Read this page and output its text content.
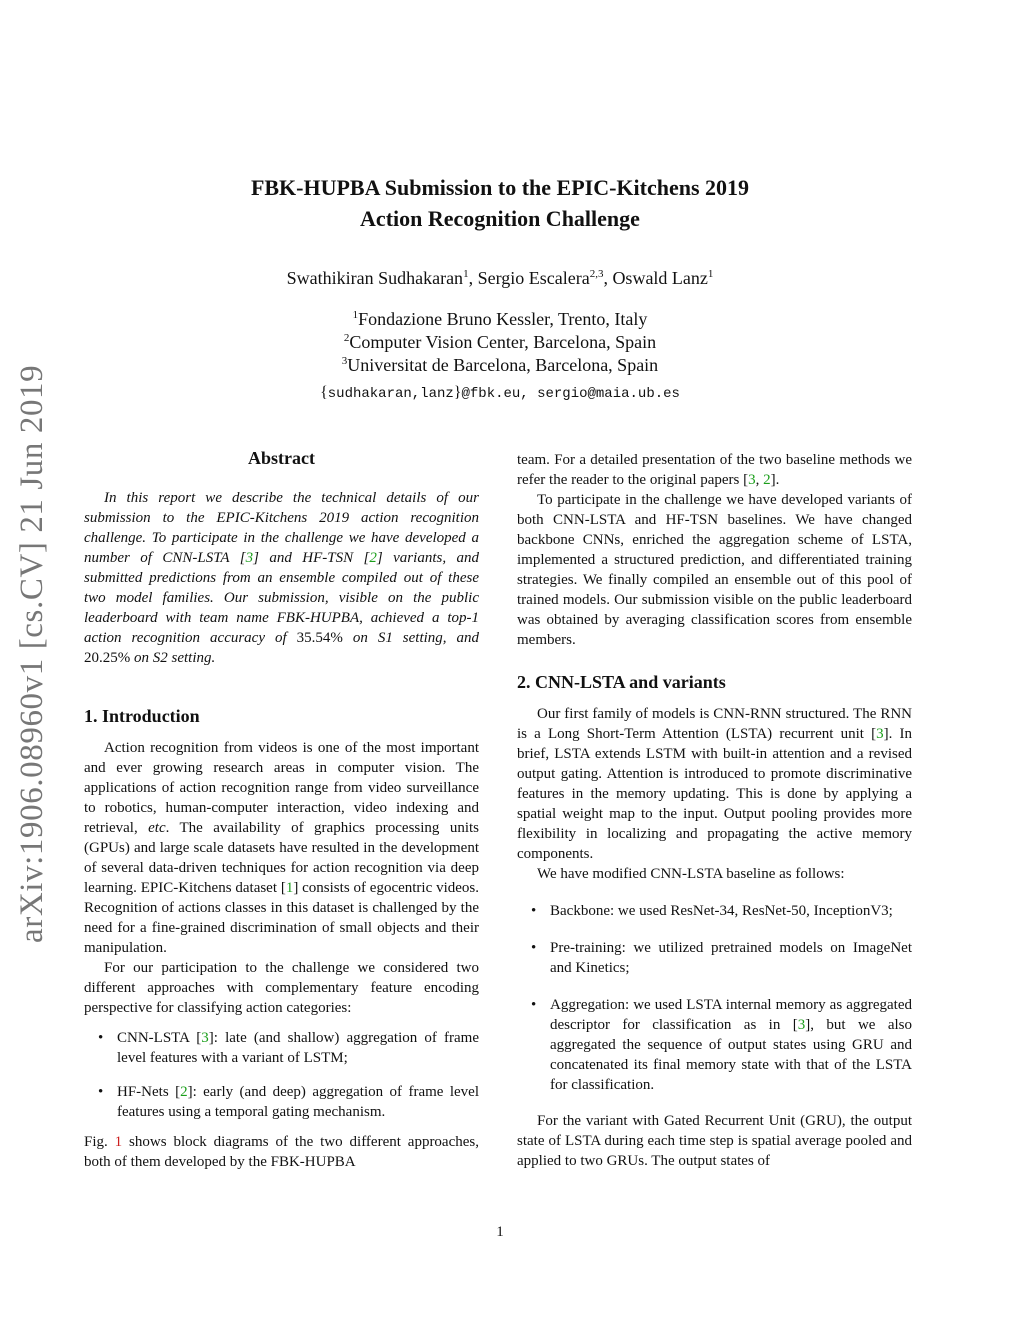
arXiv:1906.08960v1 [cs.CV] 21 Jun 2019
FBK-HUPBA Submission to the EPIC-Kitchens 2019
Action Recognition Challenge
Swathikiran Sudhakaran$^1$, Sergio Escalera$^{2,3}$, Oswald Lanz$^1$
$^1$Fondazione Bruno Kessler, Trento, Italy
$^2$Computer Vision Center, Barcelona, Spain
$^3$Universitat de Barcelona, Barcelona, Spain
{sudhakaran,lanz}@fbk.eu, sergio@maia.ub.es
Abstract

In this report we describe the technical details of our submission to the EPIC-Kitchens 2019 action recognition challenge. To participate in the challenge we have developed a number of CNN-LSTA [3] and HF-TSN [2] variants, and submitted predictions from an ensemble compiled out of these two model families. Our submission, visible on the public leaderboard with team name FBK-HUPBA, achieved a top-1 action recognition accuracy of 35.54% on S1 setting, and 20.25% on S2 setting.

1. Introduction

Action recognition from videos is one of the most important and ever growing research areas in computer vision. The applications of action recognition range from video surveillance to robotics, human-computer interaction, video indexing and retrieval, etc. The availability of graphics processing units (GPUs) and large scale datasets have resulted in the development of several data-driven techniques for action recognition via deep learning. EPIC-Kitchens dataset [1] consists of egocentric videos. Recognition of actions classes in this dataset is challenged by the need for a fine-grained discrimination of small objects and their manipulation.

For our participation to the challenge we considered two different approaches with complementary feature encoding perspective for classifying action categories:

• CNN-LSTA [3]: late (and shallow) aggregation of frame level features with a variant of LSTM;
• HF-Nets [2]: early (and deep) aggregation of frame level features using a temporal gating mechanism.

Fig. 1 shows block diagrams of the two different approaches, both of them developed by the FBK-HUPBA

team. For a detailed presentation of the two baseline methods we refer the reader to the original papers [3, 2].

To participate in the challenge we have developed variants of both CNN-LSTA and HF-TSN baselines. We have changed backbone CNNs, enriched the aggregation scheme of LSTA, implemented a structured prediction, and differentiated training strategies. We finally compiled an ensemble out of this pool of trained models. Our submission visible on the public leaderboard was obtained by averaging classification scores from ensemble members.

2. CNN-LSTA and variants

Our first family of models is CNN-RNN structured. The RNN is a Long Short-Term Attention (LSTA) recurrent unit [3]. In brief, LSTA extends LSTM with built-in attention and a revised output gating. Attention is introduced to promote discriminative features in the memory updating. This is done by applying a spatial weight map to the input. Output pooling provides more flexibility in localizing and propagating the active memory components.

We have modified CNN-LSTA baseline as follows:

• Backbone: we used ResNet-34, ResNet-50, InceptionV3;
• Pre-training: we utilized pretrained models on ImageNet and Kinetics;
• Aggregation: we used LSTA internal memory as aggregated descriptor for classification as in [3], but we also aggregated the sequence of output states using GRU and concatenated its final memory state with that of the LSTA for classification.

For the variant with Gated Recurrent Unit (GRU), the output state of LSTA during each time step is spatial average pooled and applied to two GRUs. The output states of

1
